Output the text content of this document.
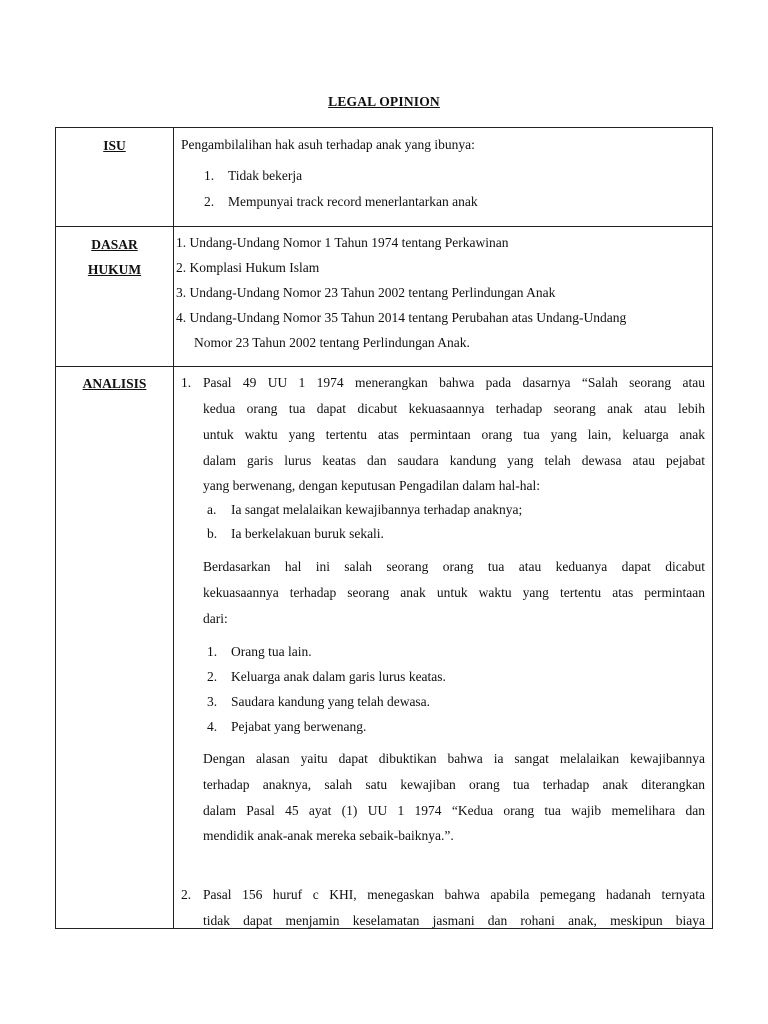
LEGAL OPINION
ISU	Pengambilalihan hak asuh terhadap anak yang ibunya:
1. Tidak bekerja
2. Mempunyai track record menerlantarkan anak
DASAR
HUKUM
1. Undang-Undang Nomor 1 Tahun 1974 tentang Perkawinan
2. Komplasi Hukum Islam
3. Undang-Undang Nomor 23 Tahun 2002 tentang Perlindungan Anak
4. Undang-Undang Nomor 35 Tahun 2014 tentang Perubahan atas Undang-Undang
Nomor 23 Tahun 2002 tentang Perlindungan Anak.
ANALISIS	1. Pasal 49 UU 1 1974 menerangkan bahwa pada dasarnya “Salah seorang atau
kedua orang tua dapat dicabut kekuasaannya terhadap seorang anak atau lebih
untuk waktu yang tertentu atas permintaan orang tua yang lain, keluarga anak
dalam garis lurus keatas dan saudara kandung yang telah dewasa atau pejabat
yang berwenang, dengan keputusan Pengadilan dalam hal-hal:
a. Ia sangat melalaikan kewajibannya terhadap anaknya;
b. Ia berkelakuan buruk sekali.
Berdasarkan hal ini salah seorang orang tua atau keduanya dapat dicabut
kekuasaannya terhadap seorang anak untuk waktu yang tertentu atas permintaan
dari:
1. Orang tua lain.
2. Keluarga anak dalam garis lurus keatas.
3. Saudara kandung yang telah dewasa.
4. Pejabat yang berwenang.
Dengan alasan yaitu dapat dibuktikan bahwa ia sangat melalaikan kewajibannya
terhadap anaknya, salah satu kewajiban orang tua terhadap anak diterangkan
dalam Pasal 45 ayat (1) UU 1 1974 “Kedua orang tua wajib memelihara dan
mendidik anak-anak mereka sebaik-baiknya.”.
2. Pasal 156 huruf c KHI, menegaskan bahwa apabila pemegang hadanah ternyata
tidak dapat menjamin keselamatan jasmani dan rohani anak, meskipun biaya
